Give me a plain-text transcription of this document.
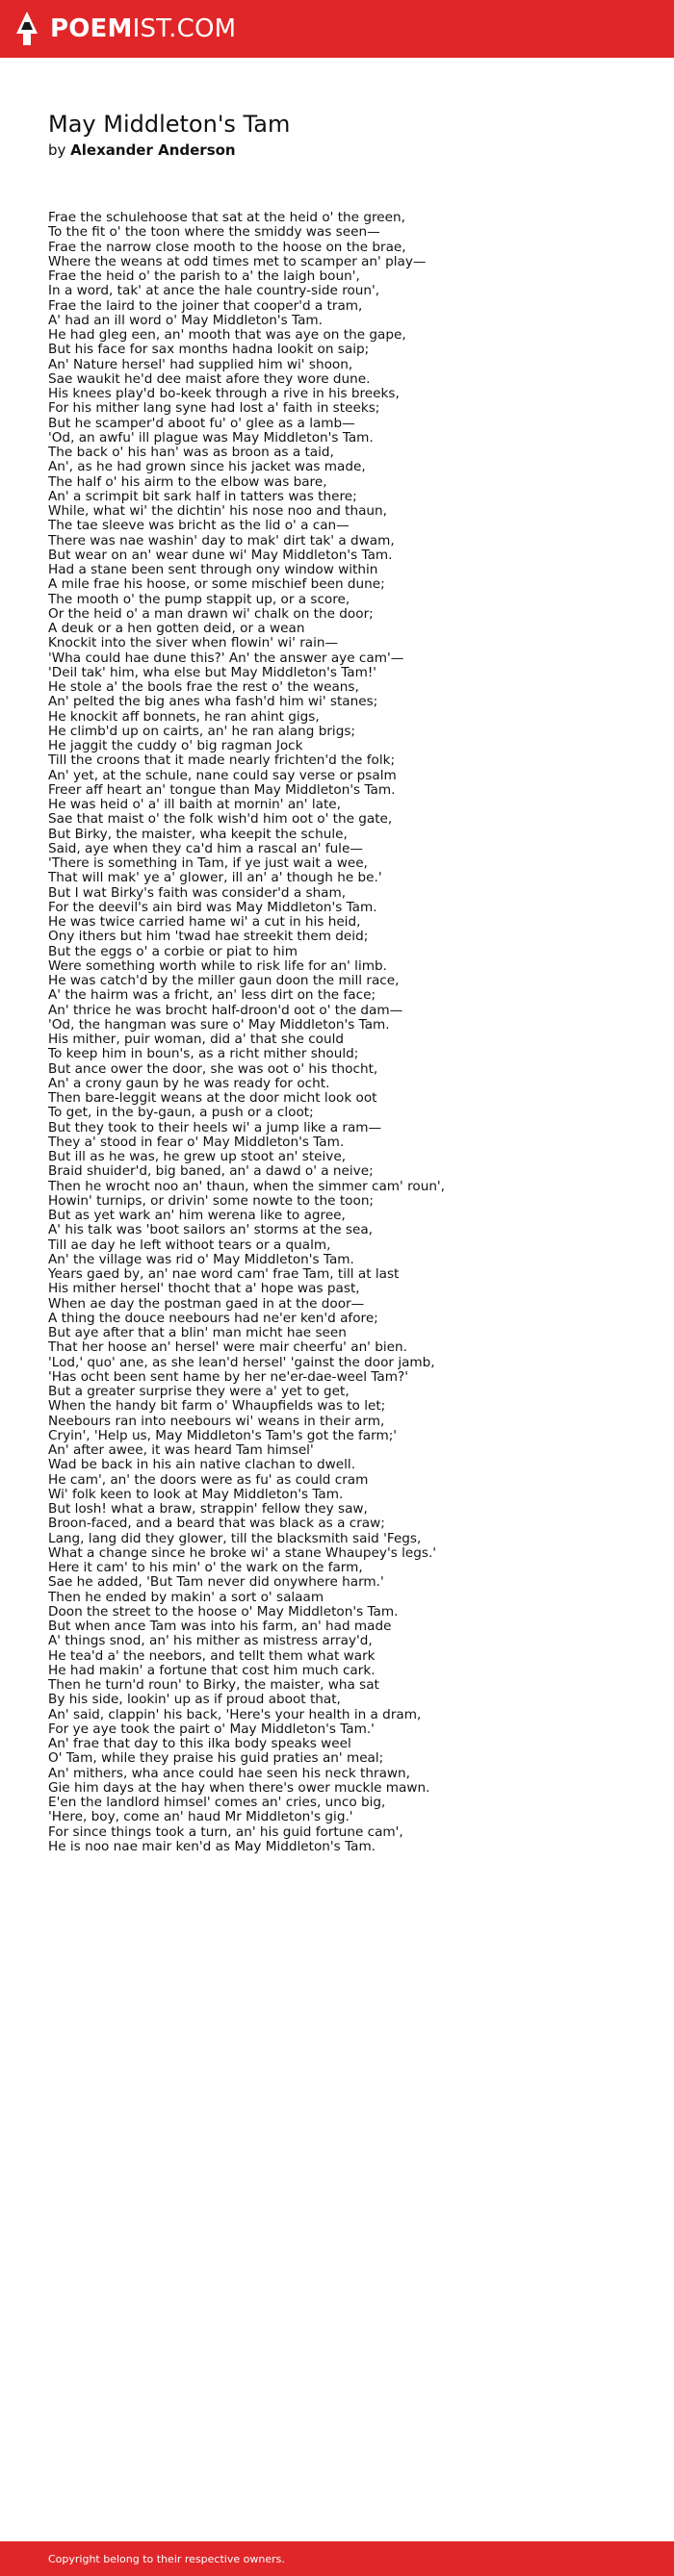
POEMIST.COM
May Middleton's Tam
by Alexander Anderson
Frae the schulehoose that sat at the heid o' the green,
To the fit o' the toon where the smiddy was seen—
Frae the narrow close mooth to the hoose on the brae,
Where the weans at odd times met to scamper an' play—
Frae the heid o' the parish to a' the laigh boun',
In a word, tak' at ance the hale country-side roun',
Frae the laird to the joiner that cooper'd a tram,
A' had an ill word o' May Middleton's Tam.
He had gleg een, an' mooth that was aye on the gape,
But his face for sax months hadna lookit on saip;
An' Nature hersel' had supplied him wi' shoon,
Sae waukit he'd dee maist afore they wore dune.
His knees play'd bo-keek through a rive in his breeks,
For his mither lang syne had lost a' faith in steeks;
But he scamper'd aboot fu' o' glee as a lamb—
'Od, an awfu' ill plague was May Middleton's Tam.
The back o' his han' was as broon as a taid,
An', as he had grown since his jacket was made,
The half o' his airm to the elbow was bare,
An' a scrimpit bit sark half in tatters was there;
While, what wi' the dichtin' his nose noo and thaun,
The tae sleeve was bricht as the lid o' a can—
There was nae washin' day to mak' dirt tak' a dwam,
But wear on an' wear dune wi' May Middleton's Tam.
Had a stane been sent through ony window within
A mile frae his hoose, or some mischief been dune;
The mooth o' the pump stappit up, or a score,
Or the heid o' a man drawn wi' chalk on the door;
A deuk or a hen gotten deid, or a wean
Knockit into the siver when flowin' wi' rain—
'Wha could hae dune this?' An' the answer aye cam'—
'Deil tak' him, wha else but May Middleton's Tam!'
He stole a' the bools frae the rest o' the weans,
An' pelted the big anes wha fash'd him wi' stanes;
He knockit aff bonnets, he ran ahint gigs,
He climb'd up on cairts, an' he ran alang brigs;
He jaggit the cuddy o' big ragman Jock
Till the croons that it made nearly frichten'd the folk;
An' yet, at the schule, nane could say verse or psalm
Freer aff heart an' tongue than May Middleton's Tam.
He was heid o' a' ill baith at mornin' an' late,
Sae that maist o' the folk wish'd him oot o' the gate,
But Birky, the maister, wha keepit the schule,
Said, aye when they ca'd him a rascal an' fule—
'There is something in Tam, if ye just wait a wee,
That will mak' ye a' glower, ill an' a' though he be.'
But I wat Birky's faith was consider'd a sham,
For the deevil's ain bird was May Middleton's Tam.
He was twice carried hame wi' a cut in his heid,
Ony ithers but him 'twad hae streekit them deid;
But the eggs o' a corbie or piat to him
Were something worth while to risk life for an' limb.
He was catch'd by the miller gaun doon the mill race,
A' the hairm was a fricht, an' less dirt on the face;
An' thrice he was brocht half-droon'd oot o' the dam—
'Od, the hangman was sure o' May Middleton's Tam.
His mither, puir woman, did a' that she could
To keep him in boun's, as a richt mither should;
But ance ower the door, she was oot o' his thocht,
An' a crony gaun by he was ready for ocht.
Then bare-leggit weans at the door micht look oot
To get, in the by-gaun, a push or a cloot;
But they took to their heels wi' a jump like a ram—
They a' stood in fear o' May Middleton's Tam.
But ill as he was, he grew up stoot an' steive,
Braid shuider'd, big baned, an' a dawd o' a neive;
Then he wrocht noo an' thaun, when the simmer cam' roun',
Howin' turnips, or drivin' some nowte to the toon;
But as yet wark an' him werena like to agree,
A' his talk was 'boot sailors an' storms at the sea,
Till ae day he left withoot tears or a qualm,
An' the village was rid o' May Middleton's Tam.
Years gaed by, an' nae word cam' frae Tam, till at last
His mither hersel' thocht that a' hope was past,
When ae day the postman gaed in at the door—
A thing the douce neebours had ne'er ken'd afore;
But aye after that a blin' man micht hae seen
That her hoose an' hersel' were mair cheerfu' an' bien.
'Lod,' quo' ane, as she lean'd hersel' 'gainst the door jamb,
'Has ocht been sent hame by her ne'er-dae-weel Tam?'
But a greater surprise they were a' yet to get,
When the handy bit farm o' Whaupfields was to let;
Neebours ran into neebours wi' weans in their arm,
Cryin', 'Help us, May Middleton's Tam's got the farm;'
An' after awee, it was heard Tam himsel'
Wad be back in his ain native clachan to dwell.
He cam', an' the doors were as fu' as could cram
Wi' folk keen to look at May Middleton's Tam.
But losh! what a braw, strappin' fellow they saw,
Broon-faced, and a beard that was black as a craw;
Lang, lang did they glower, till the blacksmith said 'Fegs,
What a change since he broke wi' a stane Whaupey's legs.'
Here it cam' to his min' o' the wark on the farm,
Sae he added, 'But Tam never did onywhere harm.'
Then he ended by makin' a sort o' salaam
Doon the street to the hoose o' May Middleton's Tam.
But when ance Tam was into his farm, an' had made
A' things snod, an' his mither as mistress array'd,
He tea'd a' the neebors, and tellt them what wark
He had makin' a fortune that cost him much cark.
Then he turn'd roun' to Birky, the maister, wha sat
By his side, lookin' up as if proud aboot that,
An' said, clappin' his back, 'Here's your health in a dram,
For ye aye took the pairt o' May Middleton's Tam.'
An' frae that day to this ilka body speaks weel
O' Tam, while they praise his guid praties an' meal;
An' mithers, wha ance could hae seen his neck thrawn,
Gie him days at the hay when there's ower muckle mawn.
E'en the landlord himsel' comes an' cries, unco big,
'Here, boy, come an' haud Mr Middleton's gig.'
For since things took a turn, an' his guid fortune cam',
He is noo nae mair ken'd as May Middleton's Tam.
Copyright belong to their respective owners.
